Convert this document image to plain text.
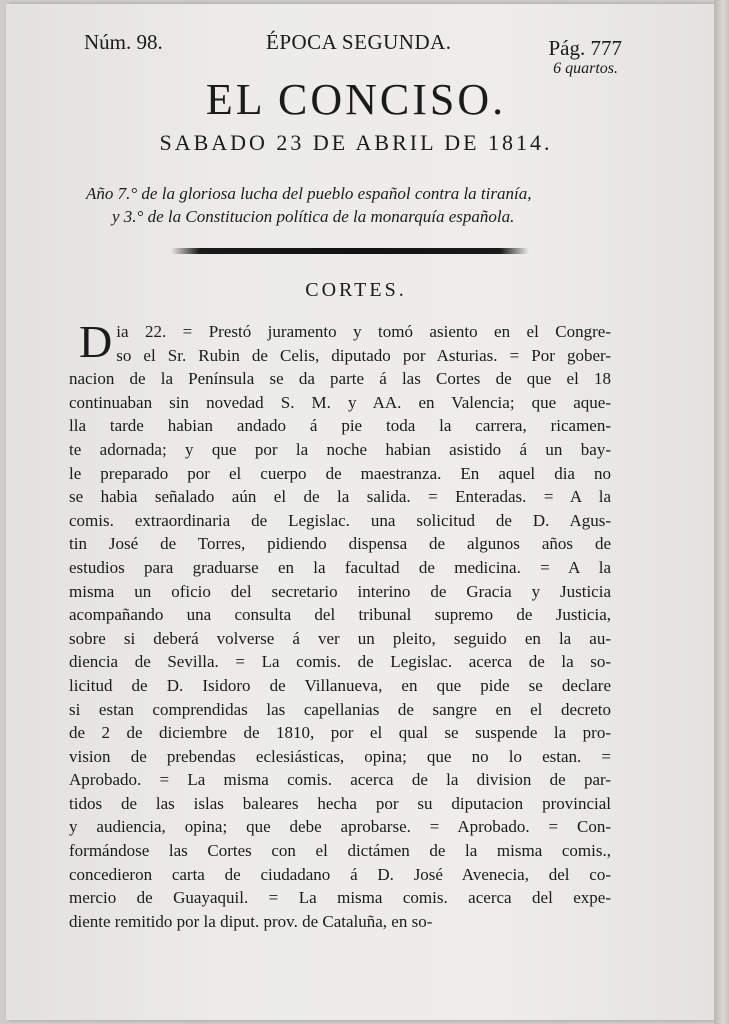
Núm. 98.	ÉPOCA SEGUNDA.	Pág. 777
6 quartos.
EL CONCISO.
SABADO 23 DE ABRIL DE 1814.
Año 7.° de la gloriosa lucha del pueblo español contra la tiranía,
y 3.° de la Constitucion política de la monarquía española.
CORTES.
D ia 22. = Prestó juramento y tomó asiento en el Congre-
so el Sr. Rubin de Celis, diputado por Asturias. = Por gober-
nacion de la Península se da parte á las Cortes de que el 18
continuaban sin novedad S. M. y AA. en Valencia; que aque-
lla tarde habian andado á pie toda la carrera, ricamen-
te adornada; y que por la noche habian asistido á un bay-
le preparado por el cuerpo de maestranza. En aquel dia no
se habia señalado aún el de la salida. = Enteradas. = A la
comis. extraordinaria de Legislac. una solicitud de D. Agus-
tin José de Torres, pidiendo dispensa de algunos años de
estudios para graduarse en la facultad de medicina. = A la
misma un oficio del secretario interino de Gracia y Justicia
acompañando una consulta del tribunal supremo de Justicia,
sobre si deberá volverse á ver un pleito, seguido en la au-
diencia de Sevilla. = La comis. de Legislac. acerca de la so-
licitud de D. Isidoro de Villanueva, en que pide se declare
si estan comprendidas las capellanias de sangre en el decreto
de 2 de diciembre de 1810, por el qual se suspende la pro-
vision de prebendas eclesiásticas, opina; que no lo estan. =
Aprobado. = La misma comis. acerca de la division de par-
tidos de las islas baleares hecha por su diputacion provincial
y audiencia, opina; que debe aprobarse. = Aprobado. = Con-
formándose las Cortes con el dictámen de la misma comis.,
concedieron carta de ciudadano á D. José Avenecia, del co-
mercio de Guayaquil. = La misma comis. acerca del expe-
diente remitido por la diput. prov. de Cataluña, en so-
